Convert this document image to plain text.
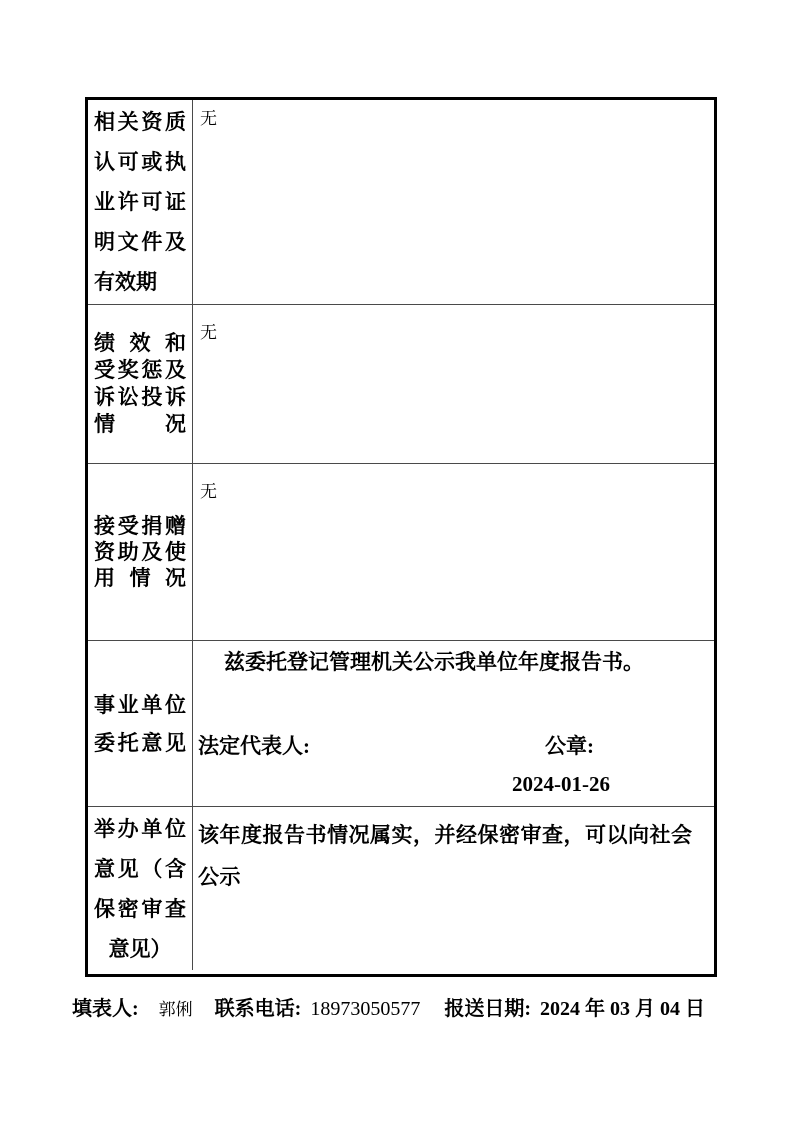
相关资质
认可或执
业许可证
明文件及
有效期
无
绩 效 和
受奖惩及
诉讼投诉
情　　况
无
接受捐赠
资助及使
用 情 况
无
事业单位
委托意见
兹委托登记管理机关公示我单位年度报告书。
法定代表人:	公章:
2024-01-26
举办单位
意见（含
保密审查
意见）
该年度报告书情况属实，并经保密审查，可以向社会公示
填表人: 郭俐 联系电话: 18973050577 报送日期: 2024 年 03 月 04 日
